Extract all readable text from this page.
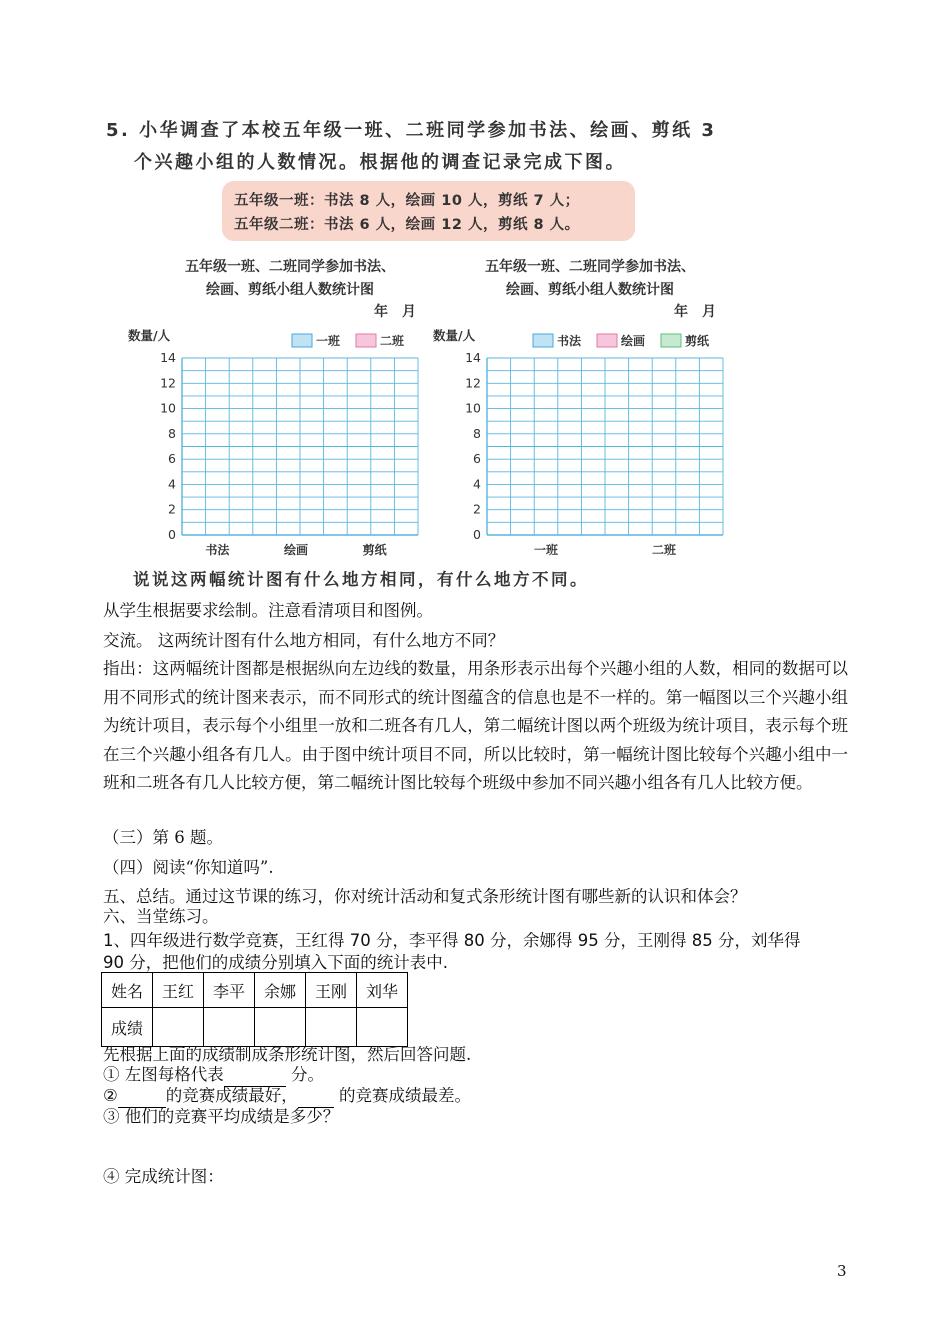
5. 小华调查了本校五年级一班、二班同学参加书法、绘画、剪纸 3
个兴趣小组的人数情况。根据他的调查记录完成下图。
五年级一班：书法 8 人，绘画 10 人，剪纸 7 人；
五年级二班：书法 6 人，绘画 12 人，剪纸 8 人。
五年级一班、二班同学参加书法、
绘画、剪纸小组人数统计图
年　月
数量/人
0
2
4
6
8
10
12
14
书法	绘画	剪纸
一班	二班
五年级一班、二班同学参加书法、
绘画、剪纸小组人数统计图
年　月
数量/人
0
2
4
6
8
10
12
14
一班	二班
书法	绘画	剪纸
说说这两幅统计图有什么地方相同，有什么地方不同。
从学生根据要求绘制。注意看清项目和图例。
交流。 这两统计图有什么地方相同，有什么地方不同？
指出：这两幅统计图都是根据纵向左边线的数量，用条形表示出每个兴趣小组的人数，相同的数据可以用不同形式的统计图来表示，而不同形式的统计图蕴含的信息也是不一样的。第一幅图以三个兴趣小组为统计项目，表示每个小组里一放和二班各有几人，第二幅统计图以两个班级为统计项目，表示每个班在三个兴趣小组各有几人。由于图中统计项目不同，所以比较时，第一幅统计图比较每个兴趣小组中一班和二班各有几人比较方便，第二幅统计图比较每个班级中参加不同兴趣小组各有几人比较方便。
（三）第 6 题。
（四）阅读“你知道吗”.
五、总结。通过这节课的练习，你对统计活动和复式条形统计图有哪些新的认识和体会？
六、当堂练习。
1、四年级进行数学竞赛，王红得 70 分，李平得 80 分，余娜得 95 分，王刚得 85 分，刘华得
90 分，把他们的成绩分别填入下面的统计表中.
姓名	王红	李平	余娜	王刚	刘华
成绩					
先根据上面的成绩制成条形统计图，然后回答问题.
① 左图每格代表	分。
②	的竞赛成绩最好，	的竞赛成绩最差。
③ 他们的竞赛平均成绩是多少？
④ 完成统计图：
3
